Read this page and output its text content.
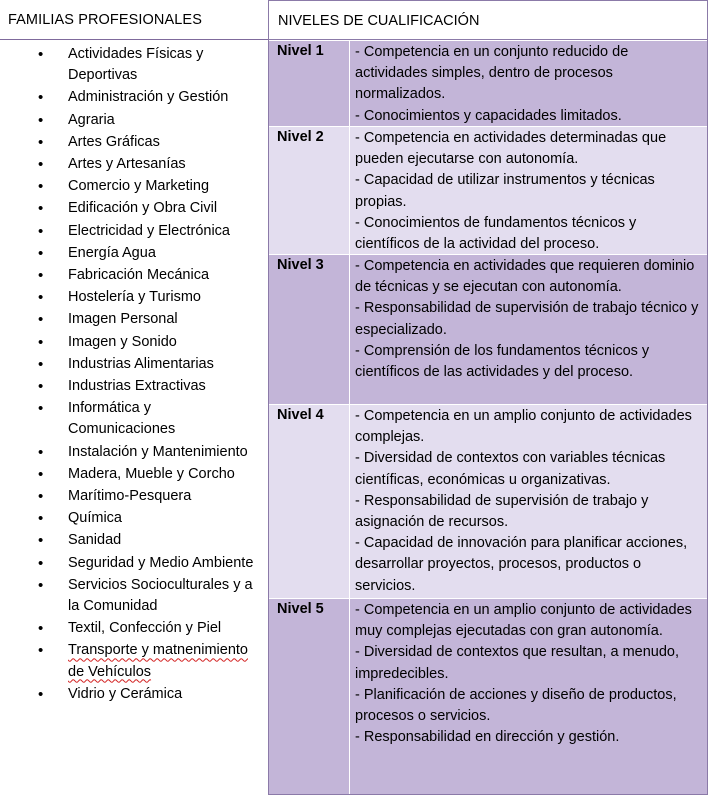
FAMILIAS PROFESIONALES	NIVELES DE CUALIFICACIÓN
• Actividades Físicas y Deportivas
• Administración y Gestión
• Agraria
• Artes Gráficas
• Artes y Artesanías
• Comercio y Marketing
• Edificación y Obra Civil
• Electricidad y Electrónica
• Energía Agua
• Fabricación Mecánica
• Hostelería y Turismo
• Imagen Personal
• Imagen y Sonido
• Industrias Alimentarias
• Industrias Extractivas
• Informática y Comunicaciones
• Instalación y Mantenimiento
• Madera, Mueble y Corcho
• Marítimo-Pesquera
• Química
• Sanidad
• Seguridad y Medio Ambiente
• Servicios Socioculturales y a la Comunidad
• Textil, Confección y Piel
• Transporte y matnenimiento de Vehículos
• Vidrio y Cerámica
Nivel 1	- Competencia en un conjunto reducido de actividades simples, dentro de procesos normalizados.
- Conocimientos y capacidades limitados.
Nivel 2	- Competencia en actividades determinadas que pueden ejecutarse con autonomía.
- Capacidad de utilizar instrumentos y técnicas propias.
- Conocimientos de fundamentos técnicos y científicos de la actividad del proceso.
Nivel 3	- Competencia en actividades que requieren dominio de técnicas y se ejecutan con autonomía.
- Responsabilidad de supervisión de trabajo técnico y especializado.
- Comprensión de los fundamentos técnicos y científicos de las actividades y del proceso.
Nivel 4	- Competencia en un amplio conjunto de actividades complejas.
- Diversidad de contextos con variables técnicas científicas, económicas u organizativas.
- Responsabilidad de supervisión de trabajo y asignación de recursos.
- Capacidad de innovación para planificar acciones, desarrollar proyectos, procesos, productos o servicios.
Nivel 5	- Competencia en un amplio conjunto de actividades muy complejas ejecutadas con gran autonomía.
- Diversidad de contextos que resultan, a menudo, impredecibles.
- Planificación de acciones y diseño de productos, procesos o servicios.
- Responsabilidad en dirección y gestión.
